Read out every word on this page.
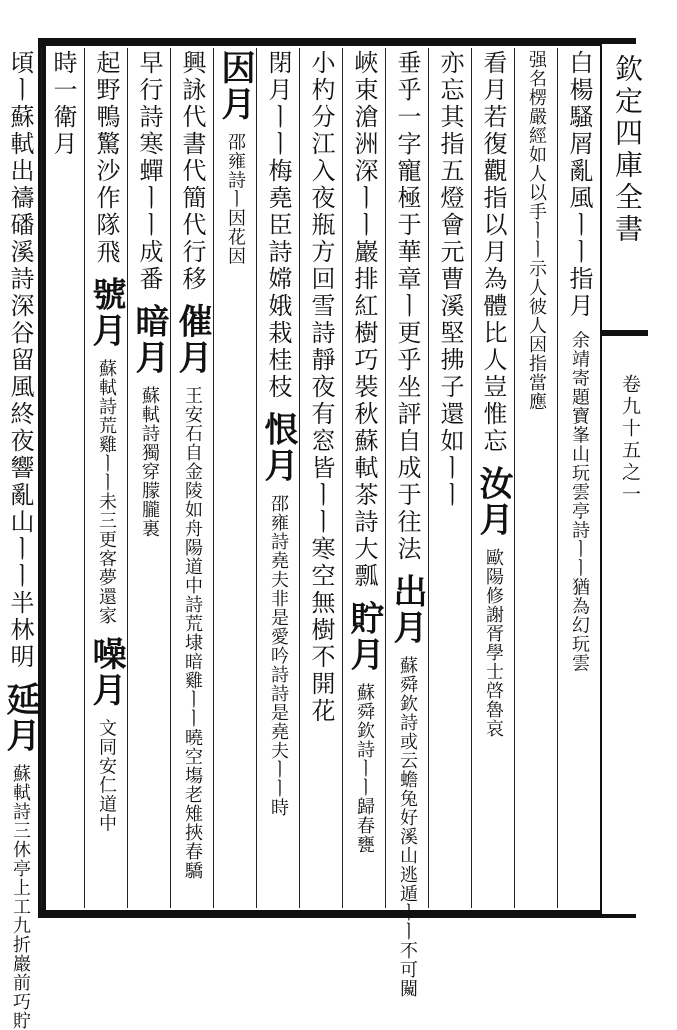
欽定四庫全書
卷九十五之一
白楊騷屑亂風ㅣㅣ指月 余靖寄題寶峯山玩雲亭詩ㅣㅣ猶為幻玩雲
强名楞嚴經如人以手ㅣㅣ示人彼人因指當應
看月若復觀指以月為體比人豈惟忘 汝月 歐陽修謝胥學士啓魯哀
亦忘其指五燈會元曹溪堅拂子還如ㅣㅣ
垂乎一字寵極于華章ㅣ更乎坐評自成于往法 出月 蘇舜欽詩或云蟾兔好溪山逃遁ㅣㅣ不可闚
峽束滄洲深ㅣㅣ巖排紅樹巧裝秋蘇軾茶詩大瓢 貯月 蘇舜欽詩ㅣㅣ歸春甕
小杓分江入夜瓶方回雪詩靜夜有窓皆ㅣㅣ寒空無樹不開花
閉月ㅣㅣ梅堯臣詩嫦娥栽桂枝 恨月 邵雍詩堯夫非是愛吟詩詩是堯夫ㅣㅣ時
因月 邵雍詩ㅣ因花因
興詠代書代簡代行移 催月 王安石自金陵如舟陽道中詩荒埭暗雞ㅣㅣ曉空塲老雉挾春驕
早行詩寒蟬ㅣㅣ成番 暗月 蘇軾詩獨穿朦朧裏
起野鴨驚沙作隊飛 號月 蘇軾詩荒雞ㅣㅣ未三更客夢還家 噪月 文同安仁道中
時一衛月
頃ㅣ蘇軾出禱磻溪詩深谷留風終夜響亂山ㅣㅣ半林明 延月 蘇軾詩三休亭上工九折巖前巧貯
